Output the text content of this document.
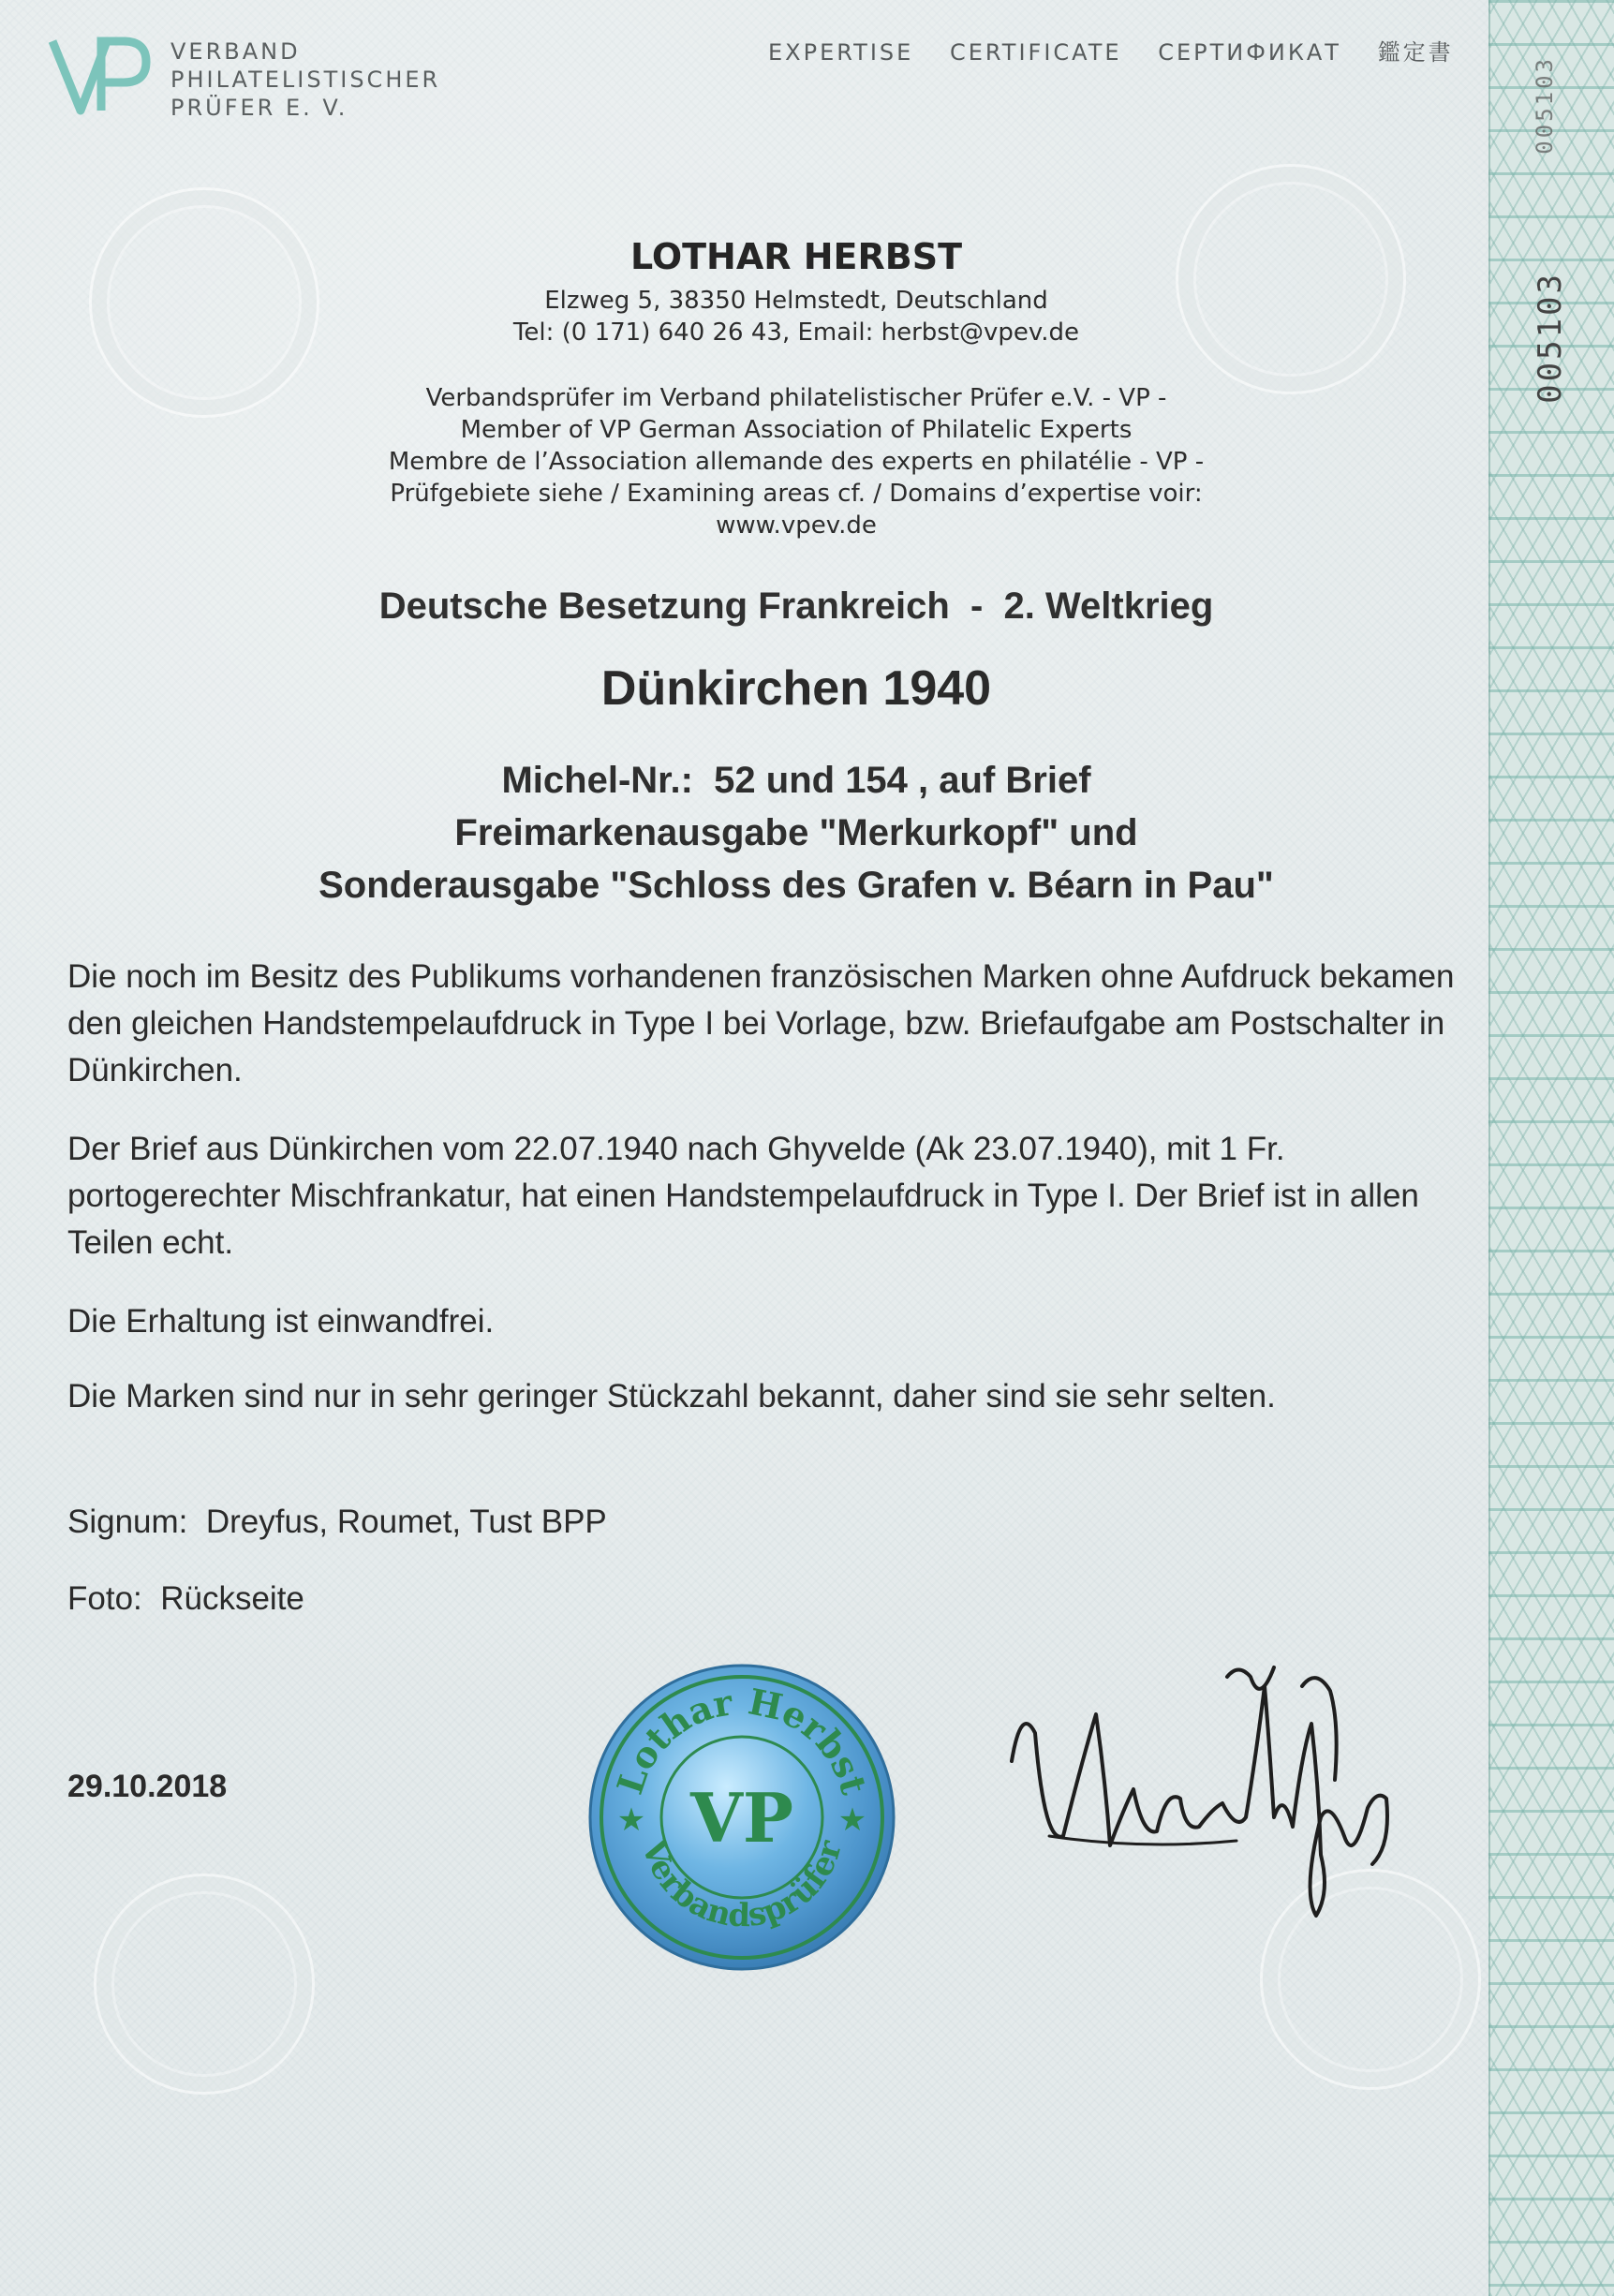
005103
005103
VERBAND
PHILATELISTISCHER
PRÜFER E. V.
EXPERTISE CERTIFICATE СЕРТИФИКАТ 鑑定書
LOTHAR HERBST
Elzweg 5, 38350 Helmstedt, Deutschland
Tel: (0 171) 640 26 43, Email: herbst@vpev.de
Verbandsprüfer im Verband philatelistischer Prüfer e.V. - VP -
Member of VP German Association of Philatelic Experts
Membre de l’Association allemande des experts en philatélie - VP -
Prüfgebiete siehe / Examining areas cf. / Domains d’expertise voir:
www.vpev.de
Deutsche Besetzung Frankreich  -  2. Weltkrieg
Dünkirchen 1940
Michel-Nr.:  52 und 154 , auf Brief
Freimarkenausgabe "Merkurkopf" und
Sonderausgabe "Schloss des Grafen v. Béarn in Pau"

Die noch im Besitz des Publikums vorhandenen französischen Marken ohne Aufdruck bekamen den gleichen Handstempelaufdruck in Type I bei Vorlage, bzw. Briefaufgabe am Postschalter in Dünkirchen.

Der Brief aus Dünkirchen vom 22.07.1940 nach Ghyvelde (Ak 23.07.1940), mit 1 Fr. portogerechter Mischfrankatur, hat einen Handstempelaufdruck in Type I. Der Brief ist in allen Teilen echt.

Die Erhaltung ist einwandfrei.

Die Marken sind nur in sehr geringer Stückzahl bekannt, daher sind sie sehr selten.

Signum:  Dreyfus, Roumet, Tust BPP

Foto:  Rückseite

29.10.2018	Lothar Herbst
Verbandsprüfer
VP
★	★
